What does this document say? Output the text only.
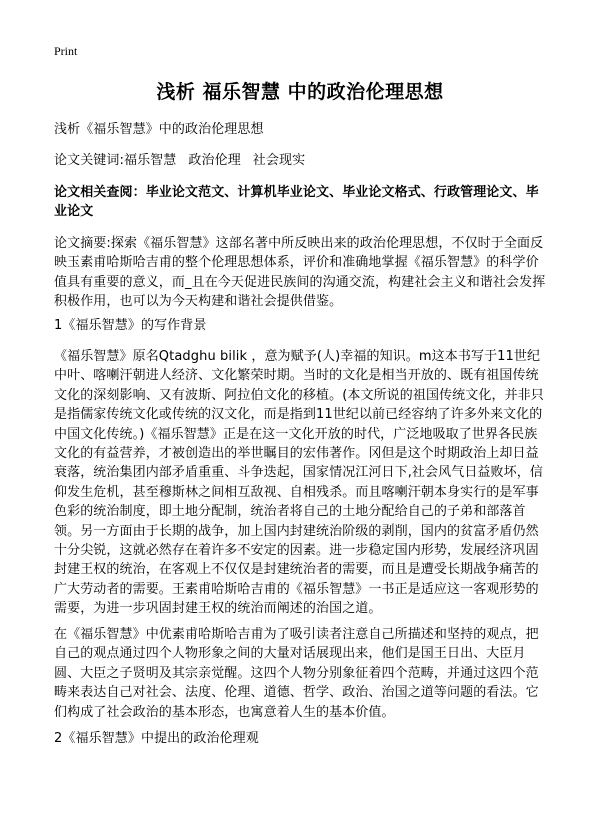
Print
浅析 福乐智慧 中的政治伦理思想
浅析《福乐智慧》中的政治伦理思想
论文关键词:福乐智慧 政治伦理 社会现实
论文相关查阅：毕业论文范文、计算机毕业论文、毕业论文格式、行政管理论文、毕业论文
论文摘要:探索《福乐智慧》这部名著中所反映出来的政治伦理思想，不仅时于全面反映玉素甫哈斯哈吉甫的整个伦理思想体系，评价和准确地掌握《福乐智慧》的科学价值具有重要的意义，而_且在今天促进民族间的沟通交流，构建社会主义和谐社会发挥积极作用，也可以为今天构建和谐社会提供借鉴。
1《福乐智慧》的写作背景
《福乐智慧》原名Qtadghu bilik ，意为赋予(人)幸福的知识。m这本书写于11世纪中叶、喀喇汗朝进人经济、文化繁荣时期。当时的文化是相当开放的、既有祖国传统文化的深刻影响、又有波斯、阿拉伯文化的移植。(本文所说的祖国传统文化，并非只是指儒家传统文化或传统的汉文化，而是指到11世纪以前已经容纳了许多外来文化的中国文化传统。)《福乐智慧》正是在这一文化开放的时代，广泛地吸取了世界各民族文化的有益营养，才被创造出的举世瞩目的宏伟著作。冈但是这个时期政治上却日益衰落，统治集团内部矛盾重重、斗争迭起，国家情况江河日下,社会风气日益败坏，信仰发生危机，甚至穆斯林之间相互敌视、自相残杀。而且喀喇汗朝本身实行的是军事色彩的统治制度，即土地分配制，统治者将自己的土地分配给自己的子弟和部落首领。另一方面由于长期的战争，加上国内封建统治阶级的剥削，国内的贫富矛盾仍然十分尖锐，这就必然存在着许多不安定的因素。进一步稳定国内形势，发展经济巩固封建王权的统治，在客观上不仅仅是封建统治者的需要，而且是遭受长期战争痛苦的广大劳动者的需要。王素甫哈斯哈吉甫的《福乐智慧》一书正是适应这一客观形势的需要，为进一步巩固封建王权的统治而阐述的治国之道。
在《福乐智慧》中优素甫哈斯哈吉甫为了吸引读者注意自己所描述和坚持的观点，把自己的观点通过四个人物形象之间的大量对话展现出来，他们是国王日出、大臣月圆、大臣之子贤明及其宗亲觉醒。这四个人物分别象征着四个范畴，并通过这四个范畴来表达自己对社会、法度、伦理、道德、哲学、政治、治国之道等问题的看法。它们构成了社会政治的基本形态，也寓意着人生的基本价值。
2《福乐智慧》中提出的政治伦理观
